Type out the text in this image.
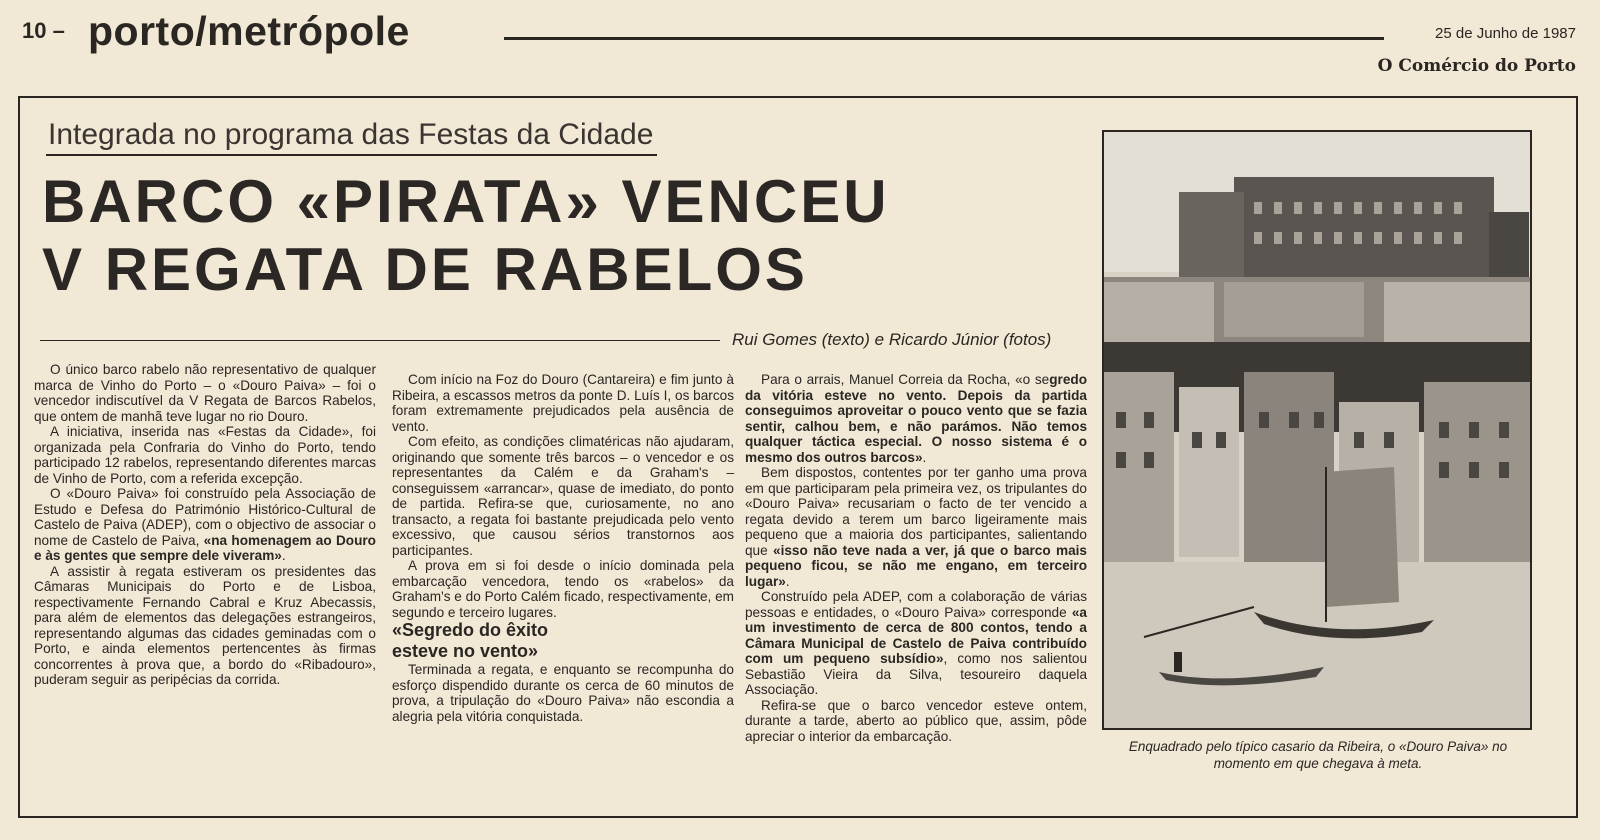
10 – porto/metrópole	25 de Junho de 1987
O Comércio do Porto
Integrada no programa das Festas da Cidade
BARCO «PIRATA» VENCEU
V REGATA DE RABELOS
Rui Gomes (texto) e Ricardo Júnior (fotos)

O único barco rabelo não representativo de qualquer marca de Vinho do Porto – o «Douro Paiva» – foi o vencedor indiscutível da V Regata de Barcos Rabelos, que ontem de manhã teve lugar no rio Douro.

A iniciativa, inserida nas «Festas da Cidade», foi organizada pela Confraria do Vinho do Porto, tendo participado 12 rabelos, representando diferentes marcas de Vinho de Porto, com a referida excepção.

O «Douro Paiva» foi construído pela Associação de Estudo e Defesa do Património Histórico-Cultural de Castelo de Paiva (ADEP), com o objectivo de associar o nome de Castelo de Paiva, «na homenagem ao Douro e às gentes que sempre dele viveram».

A assistir à regata estiveram os presidentes das Câmaras Municipais do Porto e de Lisboa, respectivamente Fernando Cabral e Kruz Abecassis, para além de elementos das delegações estrangeiros, representando algumas das cidades geminadas com o Porto, e ainda elementos pertencentes às firmas concorrentes à prova que, a bordo do «Ribadouro», puderam seguir as peripécias da corrida.

Com início na Foz do Douro (Cantareira) e fim junto à Ribeira, a escassos metros da ponte D. Luís I, os barcos foram extremamente prejudicados pela ausência de vento.

Com efeito, as condições climatéricas não ajudaram, originando que somente três barcos – o vencedor e os representantes da Calém e da Graham's – conseguissem «arrancar», quase de imediato, do ponto de partida. Refira-se que, curiosamente, no ano transacto, a regata foi bastante prejudicada pelo vento excessivo, que causou sérios transtornos aos participantes.

A prova em si foi desde o início dominada pela embarcação vencedora, tendo os «rabelos» da Graham's e do Porto Calém ficado, respectivamente, em segundo e terceiro lugares.

«Segredo do êxito
esteve no vento»

Terminada a regata, e enquanto se recompunha do esforço dispendido durante os cerca de 60 minutos de prova, a tripulação do «Douro Paiva» não escondia a alegria pela vitória conquistada.

Para o arrais, Manuel Correia da Rocha, «o segredo da vitória esteve no vento. Depois da partida conseguimos aproveitar o pouco vento que se fazia sentir, calhou bem, e não parámos. Não temos qualquer táctica especial. O nosso sistema é o mesmo dos outros barcos».

Bem dispostos, contentes por ter ganho uma prova em que participaram pela primeira vez, os tripulantes do «Douro Paiva» recusariam o facto de ter vencido a regata devido a terem um barco ligeiramente mais pequeno que a maioria dos participantes, salientando que «isso não teve nada a ver, já que o barco mais pequeno ficou, se não me engano, em terceiro lugar».

Construído pela ADEP, com a colaboração de várias pessoas e entidades, o «Douro Paiva» corresponde «a um investimento de cerca de 800 contos, tendo a Câmara Municipal de Castelo de Paiva contribuído com um pequeno subsídio», como nos salientou Sebastião Vieira da Silva, tesoureiro daquela Associação.

Refira-se que o barco vencedor esteve ontem, durante a tarde, aberto ao público que, assim, pôde apreciar o interior da embarcação.

Enquadrado pelo típico casario da Ribeira, o «Douro Paiva» no momento em que chegava à meta.
